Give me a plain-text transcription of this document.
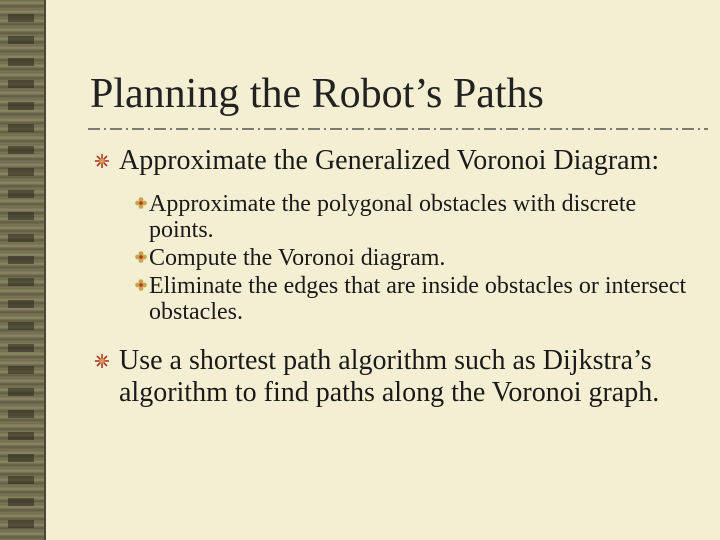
Planning the Robot’s Paths
Approximate the Generalized Voronoi Diagram:
Approximate the polygonal obstacles with discrete points.
Compute the Voronoi diagram.
Eliminate the edges that are inside obstacles or intersect obstacles.
Use a shortest path algorithm such as Dijkstra’s algorithm to find paths along the Voronoi graph.
